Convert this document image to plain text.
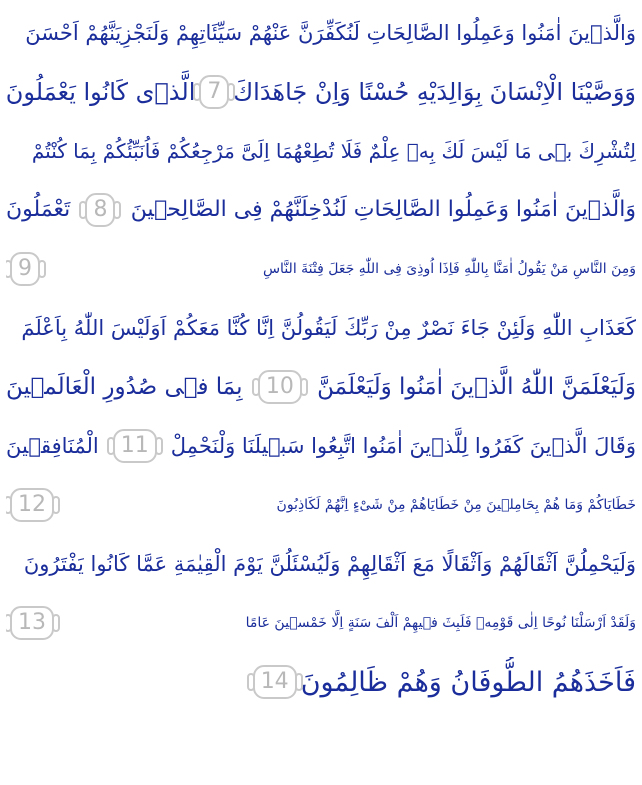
وَالَّذٖينَ اٰمَنُوا وَعَمِلُوا الصَّالِحَاتِ لَنُكَفِّرَنَّ عَنْهُمْ سَيِّئَاتِهِمْ وَلَنَجْزِيَنَّهُمْ اَحْسَنَ
وَوَصَّيْنَا الْاِنْسَانَ بِوَالِدَيْهِ حُسْنًا وَاِنْ جَاهَدَاكَ
7
الَّذٖى كَانُوا يَعْمَلُونَ
لِتُشْرِكَ بٖى مَا لَيْسَ لَكَ بِهٖ عِلْمٌ فَلَا تُطِعْهُمَا اِلَىَّ مَرْجِعُكُمْ فَاُنَبِّئُكُمْ بِمَا كُنْتُمْ
وَالَّذٖينَ اٰمَنُوا وَعَمِلُوا الصَّالِحَاتِ لَنُدْخِلَنَّهُمْ فِى الصَّالِحٖينَ
8
تَعْمَلُونَ
وَمِنَ النَّاسِ مَنْ يَقُولُ اٰمَنَّا بِاللّٰهِ فَاِذَا اُوذِىَ فِى اللّٰهِ جَعَلَ فِتْنَةَ النَّاسِ
9
كَعَذَابِ اللّٰهِ وَلَئِنْ جَاءَ نَصْرٌ مِنْ رَبِّكَ لَيَقُولُنَّ اِنَّا كُنَّا مَعَكُمْ اَوَلَيْسَ اللّٰهُ بِاَعْلَمَ
وَلَيَعْلَمَنَّ اللّٰهُ الَّذٖينَ اٰمَنُوا وَلَيَعْلَمَنَّ
10
بِمَا فٖى صُدُورِ الْعَالَمٖينَ
وَقَالَ الَّذٖينَ كَفَرُوا لِلَّذٖينَ اٰمَنُوا اتَّبِعُوا سَبٖيلَنَا وَلْنَحْمِلْ
11
الْمُنَافِقٖينَ
خَطَايَاكُمْ وَمَا هُمْ بِحَامِلٖينَ مِنْ خَطَايَاهُمْ مِنْ شَیْءٍ اِنَّهُمْ لَكَاذِبُونَ
12
وَلَيَحْمِلُنَّ اَثْقَالَهُمْ وَاَثْقَالًا مَعَ اَثْقَالِهِمْ وَلَيُسْئَلُنَّ يَوْمَ الْقِيٰمَةِ عَمَّا كَانُوا يَفْتَرُونَ
وَلَقَدْ اَرْسَلْنَا نُوحًا اِلٰى قَوْمِهٖ فَلَبِثَ فٖيهِمْ اَلْفَ سَنَةٍ اِلَّا خَمْسٖينَ عَامًا
13
فَاَخَذَهُمُ الطُّوفَانُ وَهُمْ ظَالِمُونَ
14
